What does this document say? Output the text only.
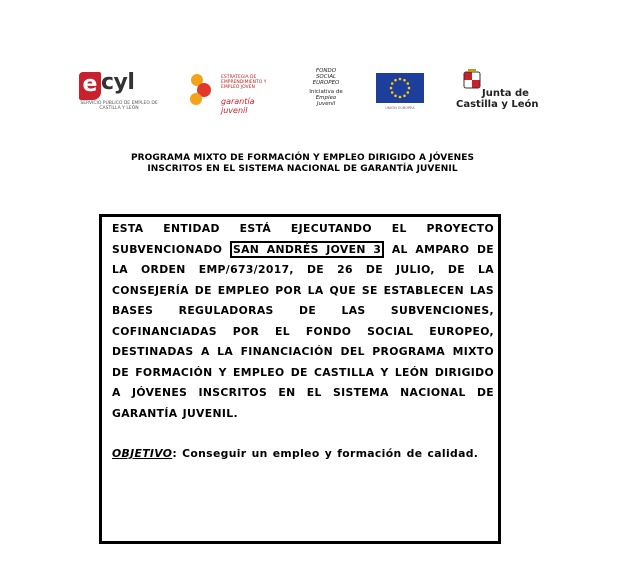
e cyl
SERVICIO PÚBLICO DE EMPLEO DE CASTILLA Y LEÓN
ESTRATEGIA DE EMPRENDIMIENTO Y EMPLEO JOVEN
garantía juvenil
FONDO
SOCIAL
EUROPEO
Iniciativa de
Empleo
Juvenil
UNIÓN EUROPEA
Junta de
Castilla y León
PROGRAMA MIXTO DE FORMACIÓN Y EMPLEO DIRIGIDO A JÓVENES
INSCRITOS EN EL SISTEMA NACIONAL DE GARANTÍA JUVENIL

ESTA ENTIDAD ESTÁ EJECUTANDO EL PROYECTO SUBVENCIONADO SAN ANDRÉS JOVEN 3 AL AMPARO DE LA ORDEN EMP/673/2017, DE 26 DE JULIO, DE LA CONSEJERÍA DE EMPLEO POR LA QUE SE ESTABLECEN LAS BASES REGULADORAS DE LAS SUBVENCIONES, COFINANCIADAS POR EL FONDO SOCIAL EUROPEO, DESTINADAS A LA FINANCIACIÓN DEL PROGRAMA MIXTO DE FORMACIÓN Y EMPLEO DE CASTILLA Y LEÓN DIRIGIDO A JÓVENES INSCRITOS EN EL SISTEMA NACIONAL DE GARANTÍA JUVENIL.

OBJETIVO: Conseguir un empleo y formación de calidad.
